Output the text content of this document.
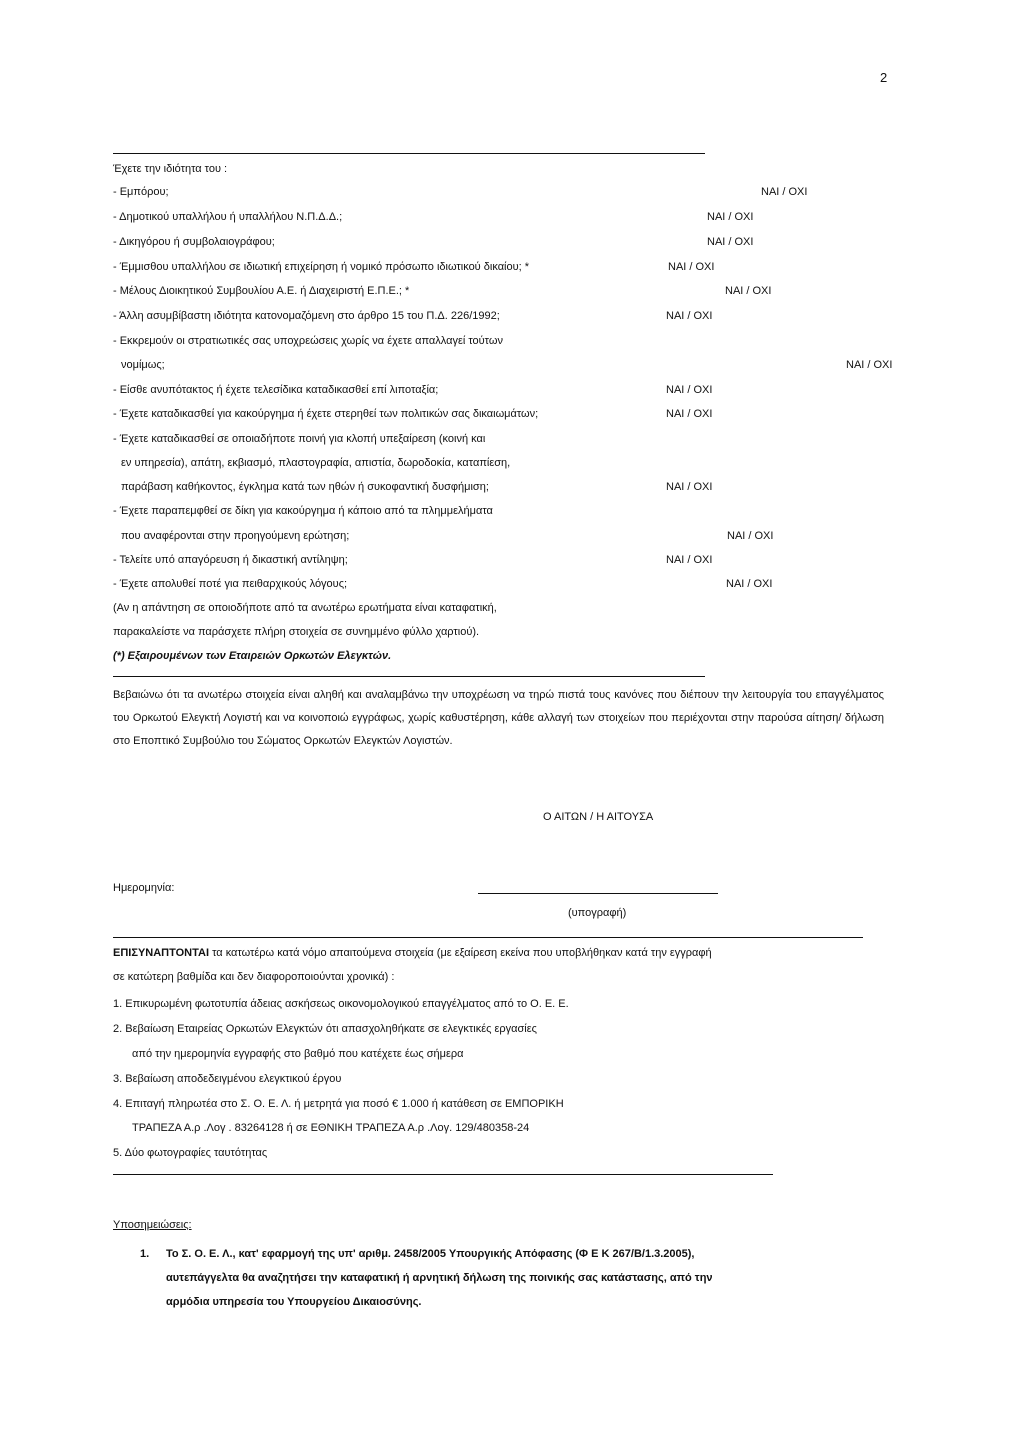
2
Έχετε την ιδιότητα του :
- Εμπόρου;	ΝΑΙ / ΟΧΙ
- Δημοτικού υπαλλήλου ή υπαλλήλου Ν.Π.Δ.Δ.;	ΝΑΙ / ΟΧΙ
- Δικηγόρου ή συμβολαιογράφου;	ΝΑΙ / ΟΧΙ
- Έμμισθου υπαλλήλου σε ιδιωτική επιχείρηση ή νομικό πρόσωπο ιδιωτικού δικαίου; *	ΝΑΙ / ΟΧΙ
- Μέλους Διοικητικού Συμβουλίου Α.Ε. ή Διαχειριστή Ε.Π.Ε.; *	ΝΑΙ / ΟΧΙ
- Άλλη ασυμβίβαστη ιδιότητα κατονομαζόμενη στο άρθρο 15 του Π.Δ. 226/1992;	ΝΑΙ / ΟΧΙ
- Εκκρεμούν οι στρατιωτικές σας υποχρεώσεις χωρίς να έχετε απαλλαγεί τούτων
νομίμως;	ΝΑΙ / ΟΧΙ
- Είσθε ανυπότακτος ή έχετε τελεσίδικα καταδικασθεί επί λιποταξία;	ΝΑΙ / ΟΧΙ
- Έχετε καταδικασθεί για κακούργημα ή έχετε στερηθεί των πολιτικών σας δικαιωμάτων;	ΝΑΙ / ΟΧΙ
- Έχετε καταδικασθεί σε οποιαδήποτε ποινή για κλοπή υπεξαίρεση (κοινή και
εν υπηρεσία), απάτη, εκβιασμό, πλαστογραφία, απιστία, δωροδοκία, καταπίεση,
παράβαση καθήκοντος, έγκλημα κατά των ηθών ή συκοφαντική δυσφήμιση;	ΝΑΙ / ΟΧΙ
- Έχετε παραπεμφθεί σε δίκη για κακούργημα ή κάποιο από τα πλημμελήματα
που αναφέρονται στην προηγούμενη ερώτηση;	ΝΑΙ / ΟΧΙ
- Τελείτε υπό απαγόρευση ή δικαστική αντίληψη;	ΝΑΙ / ΟΧΙ
- Έχετε απολυθεί ποτέ για πειθαρχικούς λόγους;	ΝΑΙ / ΟΧΙ
(Αν η απάντηση σε οποιοδήποτε από τα ανωτέρω ερωτήματα είναι καταφατική,
παρακαλείστε να παράσχετε πλήρη στοιχεία σε συνημμένο φύλλο χαρτιού).
(*) Εξαιρουμένων των Εταιρειών Ορκωτών Ελεγκτών.
Βεβαιώνω ότι τα ανωτέρω στοιχεία είναι αληθή και αναλαμβάνω την υποχρέωση να τηρώ πιστά τους κανόνες που διέπουν την λειτουργία του επαγγέλματος του Ορκωτού Ελεγκτή Λογιστή και να κοινοποιώ εγγράφως, χωρίς καθυστέρηση, κάθε αλλαγή των στοιχείων που περιέχονται στην παρούσα αίτηση/ δήλωση στο Εποπτικό Συμβούλιο του Σώματος Ορκωτών Ελεγκτών Λογιστών.
Ο ΑΙΤΩΝ / Η ΑΙΤΟΥΣΑ
Ημερομηνία:
(υπογραφή)
ΕΠΙΣΥΝΑΠΤΟΝΤΑΙ τα κατωτέρω κατά νόμο απαιτούμενα στοιχεία (με εξαίρεση εκείνα που υποβλήθηκαν κατά την εγγραφή
σε κατώτερη βαθμίδα και δεν διαφοροποιούνται χρονικά) :
1. Επικυρωμένη φωτοτυπία άδειας ασκήσεως οικονομολογικού επαγγέλματος από το Ο. Ε. Ε.
2. Βεβαίωση Εταιρείας Ορκωτών Ελεγκτών ότι απασχοληθήκατε σε ελεγκτικές εργασίες
από την ημερομηνία εγγραφής στο βαθμό που κατέχετε έως σήμερα
3. Βεβαίωση αποδεδειγμένου ελεγκτικού έργου
4. Επιταγή πληρωτέα στο Σ. Ο. Ε. Λ. ή μετρητά για ποσό € 1.000 ή κατάθεση σε ΕΜΠΟΡΙΚΗ
ΤΡΑΠΕΖΑ Α.ρ .Λογ . 83264128 ή σε ΕΘΝΙΚΗ ΤΡΑΠΕΖΑ Α.ρ .Λογ. 129/480358-24
5. Δύο φωτογραφίες ταυτότητας
Υποσημειώσεις:
1. Το Σ. Ο. Ε. Λ., κατ' εφαρμογή της υπ' αριθμ. 2458/2005 Υπουργικής Απόφασης (Φ Ε Κ 267/Β/1.3.2005),
αυτεπάγγελτα θα αναζητήσει την καταφατική ή αρνητική δήλωση της ποινικής σας κατάστασης, από την
αρμόδια υπηρεσία του Υπουργείου Δικαιοσύνης.
